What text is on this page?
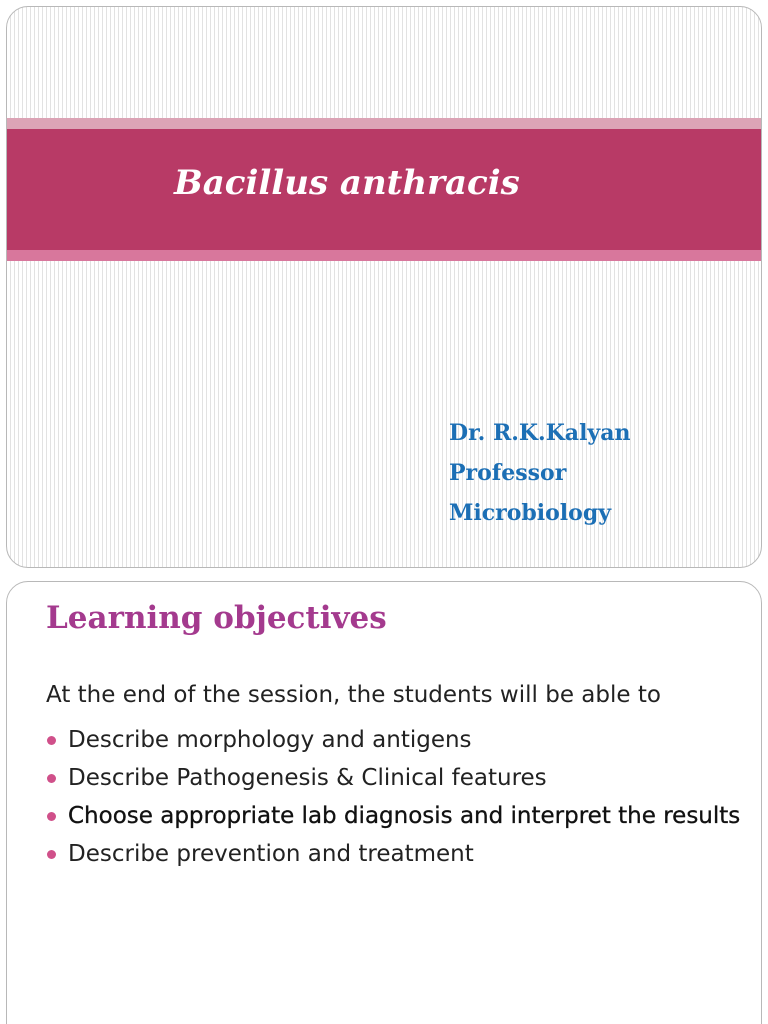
Bacillus anthracis
Dr. R.K.Kalyan
Professor
Microbiology
Learning objectives
At the end of the session, the students will be able to
Describe morphology and antigens
Describe Pathogenesis & Clinical features
Choose appropriate lab diagnosis and interpret the results
Describe prevention and treatment
